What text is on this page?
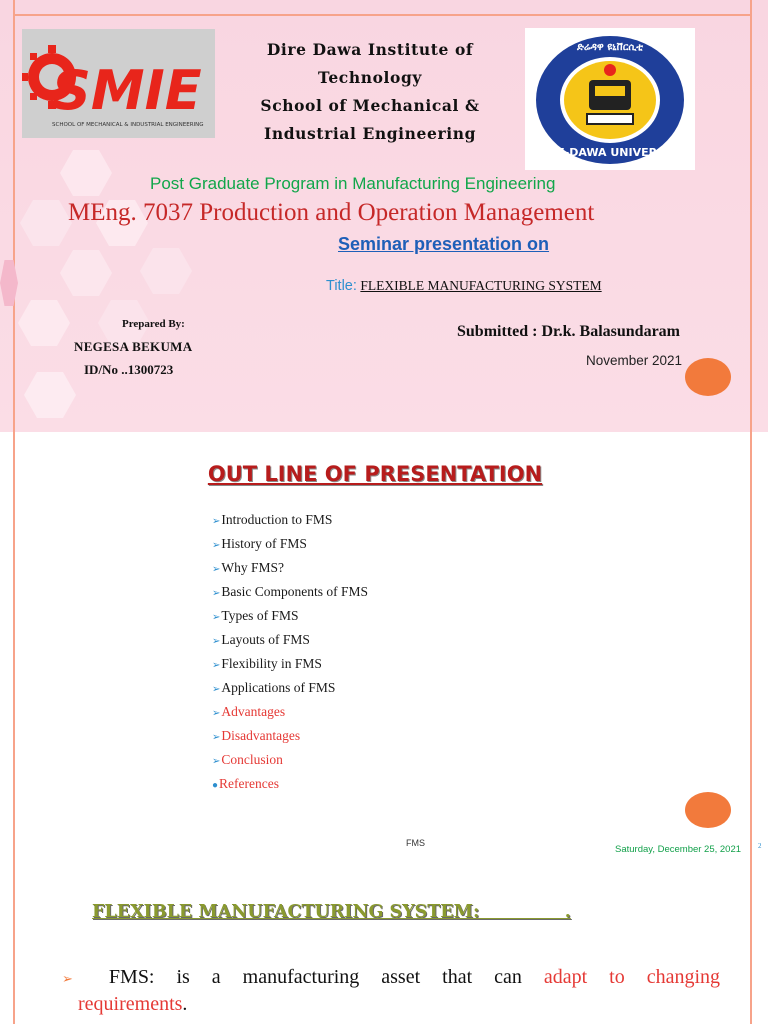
SMIE
SCHOOL OF MECHANICAL & INDUSTRIAL ENGINEERING
Dire Dawa Institute of
Technology
School of Mechanical &
Industrial Engineering
DIRE-DAWA UNIVERSITY
ድሬዳዋ ዩኒቨርሲቲ
Post Graduate Program in Manufacturing Engineering
MEng. 7037 Production and Operation Management
Seminar presentation on
Title: FLEXIBLE MANUFACTURING SYSTEM
Prepared By:
NEGESA BEKUMA
ID/No ..1300723
Submitted : Dr.k. Balasundaram
November 2021
OUT LINE OF PRESENTATION
➢Introduction to FMS
➢History of FMS
➢Why FMS?
➢Basic Components of FMS
➢Types of FMS
➢Layouts of FMS
➢Flexibility in FMS
➢Applications of FMS
➢Advantages
➢Disadvantages
➢Conclusion
●References
FMS
Saturday, December 25, 2021 2
FLEXIBLE MANUFACTURING SYSTEM:              .
➢ FMS: is a manufacturing asset that can adapt to changing
requirements.
